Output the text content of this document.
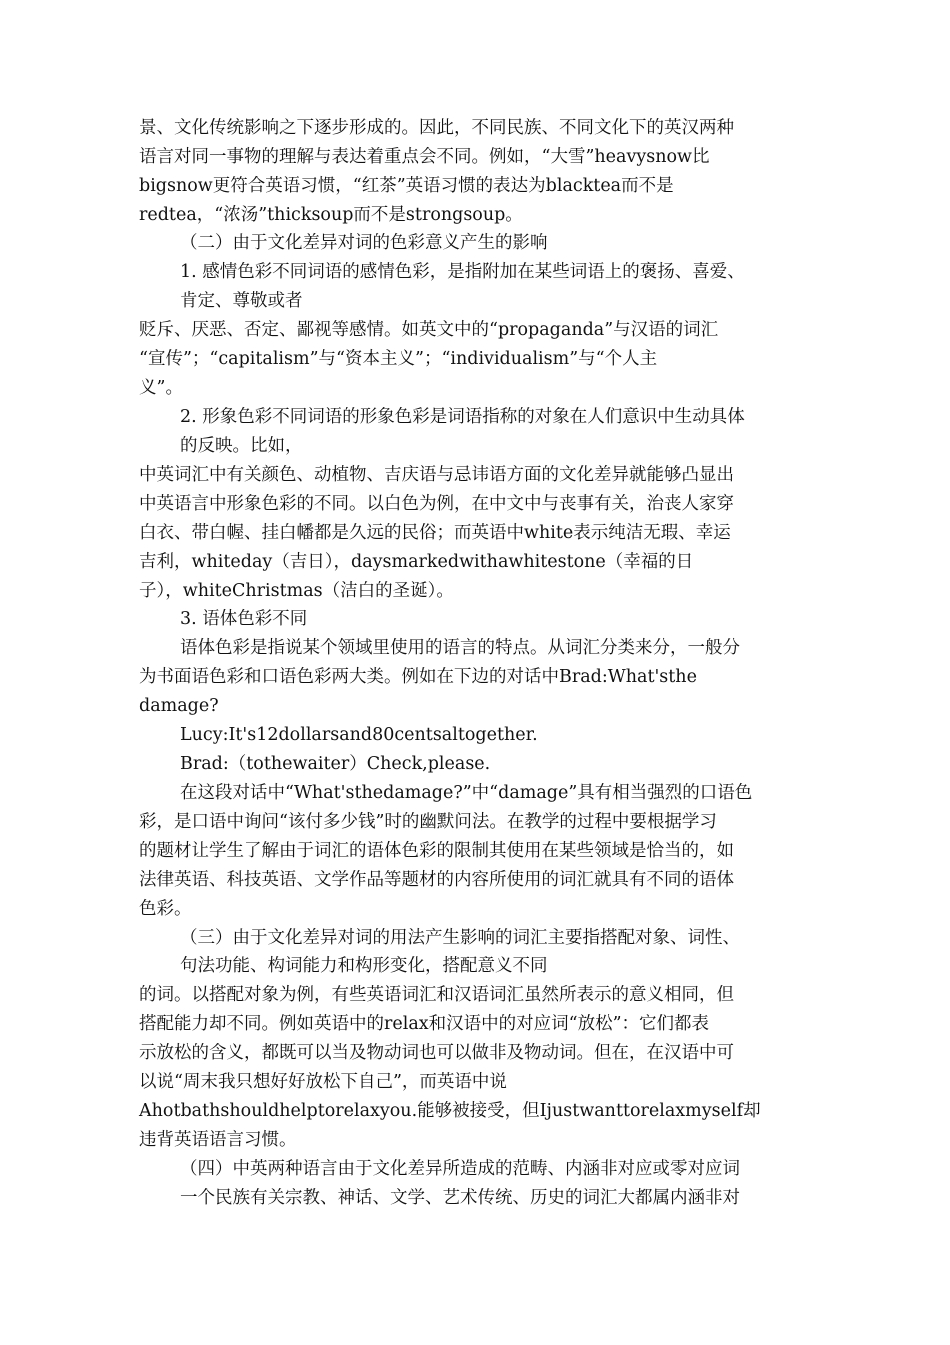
景、文化传统影响之下逐步形成的。因此，不同民族、不同文化下的英汉两种
语言对同一事物的理解与表达着重点会不同。例如，“大雪”heavysnow比
bigsnow更符合英语习惯，“红茶”英语习惯的表达为blacktea而不是
redtea，“浓汤”thicksoup而不是strongsoup。
（二）由于文化差异对词的色彩意义产生的影响
1. 感情色彩不同词语的感情色彩，是指附加在某些词语上的褒扬、喜爱、
肯定、尊敬或者
贬斥、厌恶、否定、鄙视等感情。如英文中的“propaganda”与汉语的词汇
“宣传”；“capitalism”与“资本主义”；“individualism”与“个人主
义”。
2. 形象色彩不同词语的形象色彩是词语指称的对象在人们意识中生动具体
的反映。比如，
中英词汇中有关颜色、动植物、吉庆语与忌讳语方面的文化差异就能够凸显出
中英语言中形象色彩的不同。以白色为例，在中文中与丧事有关，治丧人家穿
白衣、带白幄、挂白幡都是久远的民俗；而英语中white表示纯洁无瑕、幸运
吉利，whiteday（吉日），daysmarkedwithawhitestone（幸福的日
子），whiteChristmas（洁白的圣诞）。
3. 语体色彩不同
语体色彩是指说某个领域里使用的语言的特点。从词汇分类来分，一般分
为书面语色彩和口语色彩两大类。例如在下边的对话中Brad:What'sthe
damage?
Lucy:It's12dollarsand80centsaltogether.
Brad:（tothewaiter）Check,please.
在这段对话中“What'sthedamage?”中“damage”具有相当强烈的口语色
彩，是口语中询问“该付多少钱”时的幽默问法。在教学的过程中要根据学习
的题材让学生了解由于词汇的语体色彩的限制其使用在某些领域是恰当的，如
法律英语、科技英语、文学作品等题材的内容所使用的词汇就具有不同的语体
色彩。
（三）由于文化差异对词的用法产生影响的词汇主要指搭配对象、词性、
句法功能、构词能力和构形变化，搭配意义不同
的词。以搭配对象为例，有些英语词汇和汉语词汇虽然所表示的意义相同，但
搭配能力却不同。例如英语中的relax和汉语中的对应词“放松”：它们都表
示放松的含义，都既可以当及物动词也可以做非及物动词。但在，在汉语中可
以说“周末我只想好好放松下自己”，而英语中说
Ahotbathshouldhelptorelaxyou.能够被接受，但Ijustwanttorelaxmyself却
违背英语语言习惯。
（四）中英两种语言由于文化差异所造成的范畴、内涵非对应或零对应词
一个民族有关宗教、神话、文学、艺术传统、历史的词汇大都属内涵非对
